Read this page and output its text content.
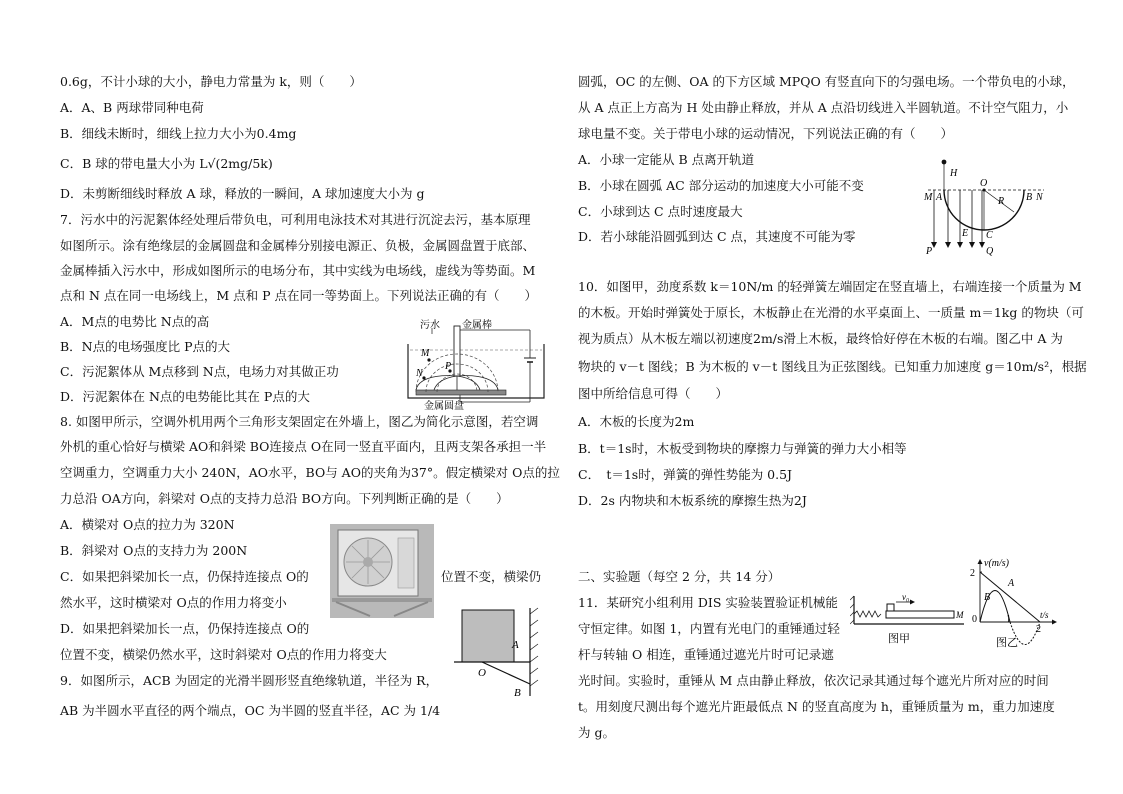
0.6g，不计小球的大小，静电力常量为 k，则（　　）
A．A、B 两球带同种电荷
B．细线未断时，细线上拉力大小为0.4mg
C．B 球的带电量大小为 L√(2mg/5k)
D．未剪断细线时释放 A 球，释放的一瞬间，A 球加速度大小为 g
7．污水中的污泥絮体经处理后带负电，可利用电泳技术对其进行沉淀去污，基本原理
如图所示。涂有绝缘层的金属圆盘和金属棒分别接电源正、负极，金属圆盘置于底部、
金属棒插入污水中，形成如图所示的电场分布，其中实线为电场线，虚线为等势面。M
点和 N 点在同一电场线上，M 点和 P 点在同一等势面上。下列说法正确的有（　　）
A．M点的电势比 N点的高
B．N点的电场强度比 P点的大
C．污泥絮体从 M点移到 N点，电场力对其做正功
D．污泥絮体在 N点的电势能比其在 P点的大
8. 如图甲所示，空调外机用两个三角形支架固定在外墙上，图乙为简化示意图，若空调
外机的重心恰好与横梁 AO和斜梁 BO连接点 O在同一竖直平面内，且两支架各承担一半
空调重力，空调重力大小 240N，AO水平，BO与 AO的夹角为37°。假定横梁对 O点的拉
力总沿 OA方向，斜梁对 O点的支持力总沿 BO方向。下列判断正确的是（　　）
A．横梁对 O点的拉力为 320N
B．斜梁对 O点的支持力为 200N
C．如果把斜梁加长一点，仍保持连接点 O的	位置不变，横梁仍
然水平，这时横梁对 O点的作用力将变小
D．如果把斜梁加长一点，仍保持连接点 O的
位置不变，横梁仍然水平，这时斜梁对 O点的作用力将变大
9．如图所示，ACB 为固定的光滑半圆形竖直绝缘轨道，半径为 R，
AB 为半圆水平直径的两个端点，OC 为半圆的竖直半径，AC 为 1/4
圆弧，OC 的左侧、OA 的下方区域 MPQO 有竖直向下的匀强电场。一个带负电的小球，
从 A 点正上方高为 H 处由静止释放，并从 A 点沿切线进入半圆轨道。不计空气阻力，小
球电量不变。关于带电小球的运动情况，下列说法正确的有（　　）
A．小球一定能从 B 点离开轨道
B．小球在圆弧 AC 部分运动的加速度大小可能不变
C．小球到达 C 点时速度最大
D．若小球能沿圆弧到达 C 点，其速度不可能为零
10．如图甲，劲度系数 k＝10N/m 的轻弹簧左端固定在竖直墙上，右端连接一个质量为 M
的木板。开始时弹簧处于原长，木板静止在光滑的水平桌面上、一质量 m＝1kg 的物块（可
视为质点）从木板左端以初速度2m/s滑上木板，最终恰好停在木板的右端。图乙中 A 为
物块的 v－t 图线；B 为木板的 v－t 图线且为正弦图线。已知重力加速度 g＝10m/s²，根据
图中所给信息可得（　　）
A．木板的长度为2m
B．t＝1s时，木板受到物块的摩擦力与弹簧的弹力大小相等
C．　t＝1s时，弹簧的弹性势能为 0.5J
D．2s 内物块和木板系统的摩擦生热为2J
二、实验题（每空 2 分，共 14 分）
11．某研究小组利用 DIS 实验装置验证机械能
守恒定律。如图 1，内置有光电门的重锤通过轻
杆与转轴 O 相连，重锤通过遮光片时可记录遮
光时间。实验时，重锤从 M 点由静止释放，依次记录其通过每个遮光片所对应的时间
t。用刻度尺测出每个遮光片距最低点 N 的竖直高度为 h，重锤质量为 m，重力加速度
为 g。
污水 金属棒
M
N
P
金属圆盘
A
O
B
H
O
M A	B N
R
E C
P	Q
v₀
M
图甲
v(m/s)
2
0	1
2
t/s
A
B
图乙
